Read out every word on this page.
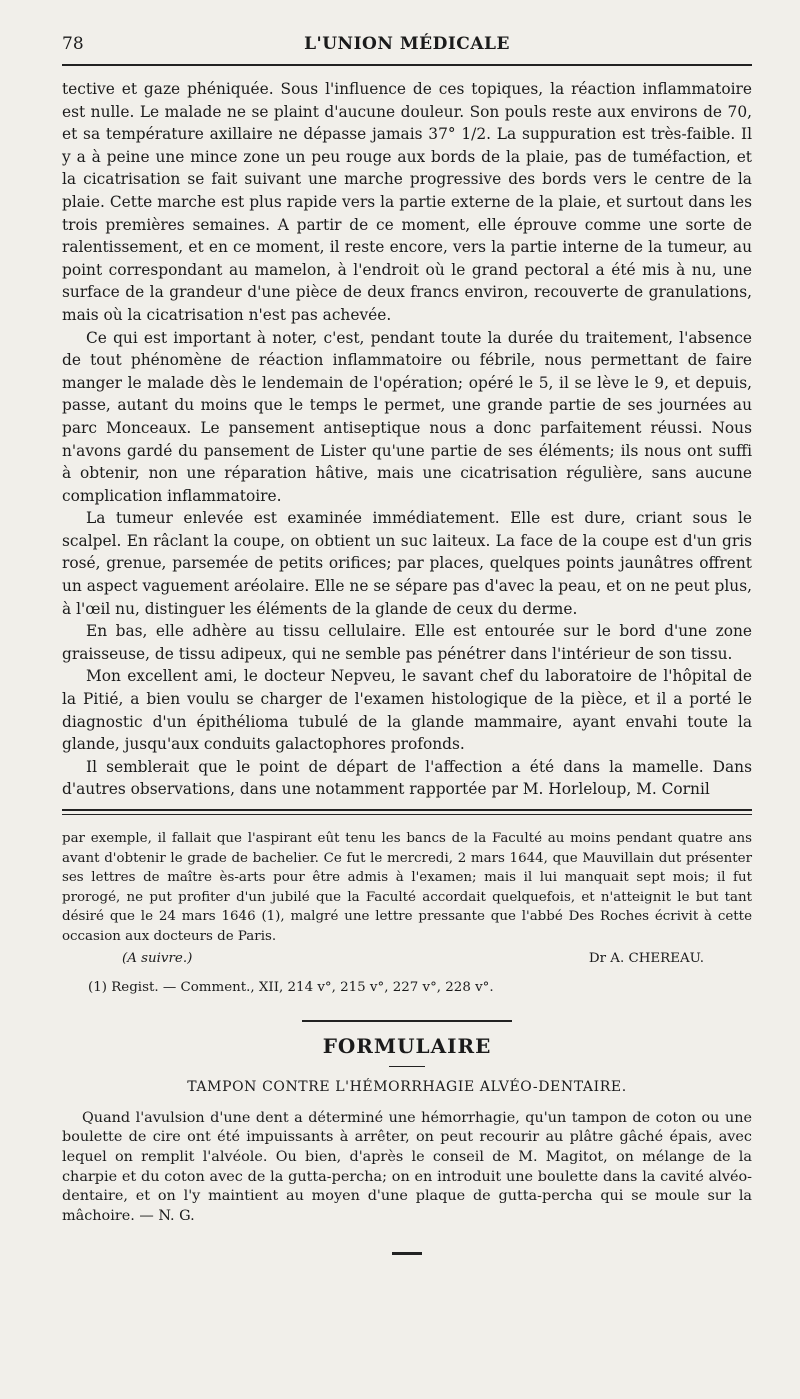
78	L'UNION MÉDICALE

tective et gaze phéniquée. Sous l'influence de ces topiques, la réaction inflammatoire est nulle. Le malade ne se plaint d'aucune douleur. Son pouls reste aux environs de 70, et sa température axillaire ne dépasse jamais 37° 1/2. La suppuration est très-faible. Il y a à peine une mince zone un peu rouge aux bords de la plaie, pas de tuméfaction, et la cicatrisation se fait suivant une marche progressive des bords vers le centre de la plaie. Cette marche est plus rapide vers la partie externe de la plaie, et surtout dans les trois premières semaines. A partir de ce moment, elle éprouve comme une sorte de ralentissement, et en ce moment, il reste encore, vers la partie interne de la tumeur, au point correspondant au mamelon, à l'endroit où le grand pectoral a été mis à nu, une surface de la grandeur d'une pièce de deux francs environ, recouverte de granulations, mais où la cicatrisation n'est pas achevée.

Ce qui est important à noter, c'est, pendant toute la durée du traitement, l'absence de tout phénomène de réaction inflammatoire ou fébrile, nous permettant de faire manger le malade dès le lendemain de l'opération; opéré le 5, il se lève le 9, et depuis, passe, autant du moins que le temps le permet, une grande partie de ses journées au parc Monceaux. Le pansement antiseptique nous a donc parfaitement réussi. Nous n'avons gardé du pansement de Lister qu'une partie de ses éléments; ils nous ont suffi à obtenir, non une réparation hâtive, mais une cicatrisation régulière, sans aucune complication inflammatoire.

La tumeur enlevée est examinée immédiatement. Elle est dure, criant sous le scalpel. En râclant la coupe, on obtient un suc laiteux. La face de la coupe est d'un gris rosé, grenue, parsemée de petits orifices; par places, quelques points jaunâtres offrent un aspect vaguement aréolaire. Elle ne se sépare pas d'avec la peau, et on ne peut plus, à l'œil nu, distinguer les éléments de la glande de ceux du derme.

En bas, elle adhère au tissu cellulaire. Elle est entourée sur le bord d'une zone graisseuse, de tissu adipeux, qui ne semble pas pénétrer dans l'intérieur de son tissu.

Mon excellent ami, le docteur Nepveu, le savant chef du laboratoire de l'hôpital de la Pitié, a bien voulu se charger de l'examen histologique de la pièce, et il a porté le diagnostic d'un épithélioma tubulé de la glande mammaire, ayant envahi toute la glande, jusqu'aux conduits galactophores profonds.

Il semblerait que le point de départ de l'affection a été dans la mamelle. Dans d'autres observations, dans une notamment rapportée par M. Horleloup, M. Cornil

par exemple, il fallait que l'aspirant eût tenu les bancs de la Faculté au moins pendant quatre ans avant d'obtenir le grade de bachelier. Ce fut le mercredi, 2 mars 1644, que Mauvillain dut présenter ses lettres de maître ès-arts pour être admis à l'examen; mais il lui manquait sept mois; il fut prorogé, ne put profiter d'un jubilé que la Faculté accordait quelquefois, et n'atteignit le but tant désiré que le 24 mars 1646 (1), malgré une lettre pressante que l'abbé Des Roches écrivit à cette occasion aux docteurs de Paris.

(A suivre.)	Dr A. CHEREAU.

(1) Regist. — Comment., XII, 214 v°, 215 v°, 227 v°, 228 v°.

FORMULAIRE
TAMPON CONTRE L'HÉMORRHAGIE ALVÉO-DENTAIRE.
Quand l'avulsion d'une dent a déterminé une hémorrhagie, qu'un tampon de coton ou une boulette de cire ont été impuissants à arrêter, on peut recourir au plâtre gâché épais, avec lequel on remplit l'alvéole. Ou bien, d'après le conseil de M. Magitot, on mélange de la charpie et du coton avec de la gutta-percha; on en introduit une boulette dans la cavité alvéo-dentaire, et on l'y maintient au moyen d'une plaque de gutta-percha qui se moule sur la mâchoire. — N. G.
